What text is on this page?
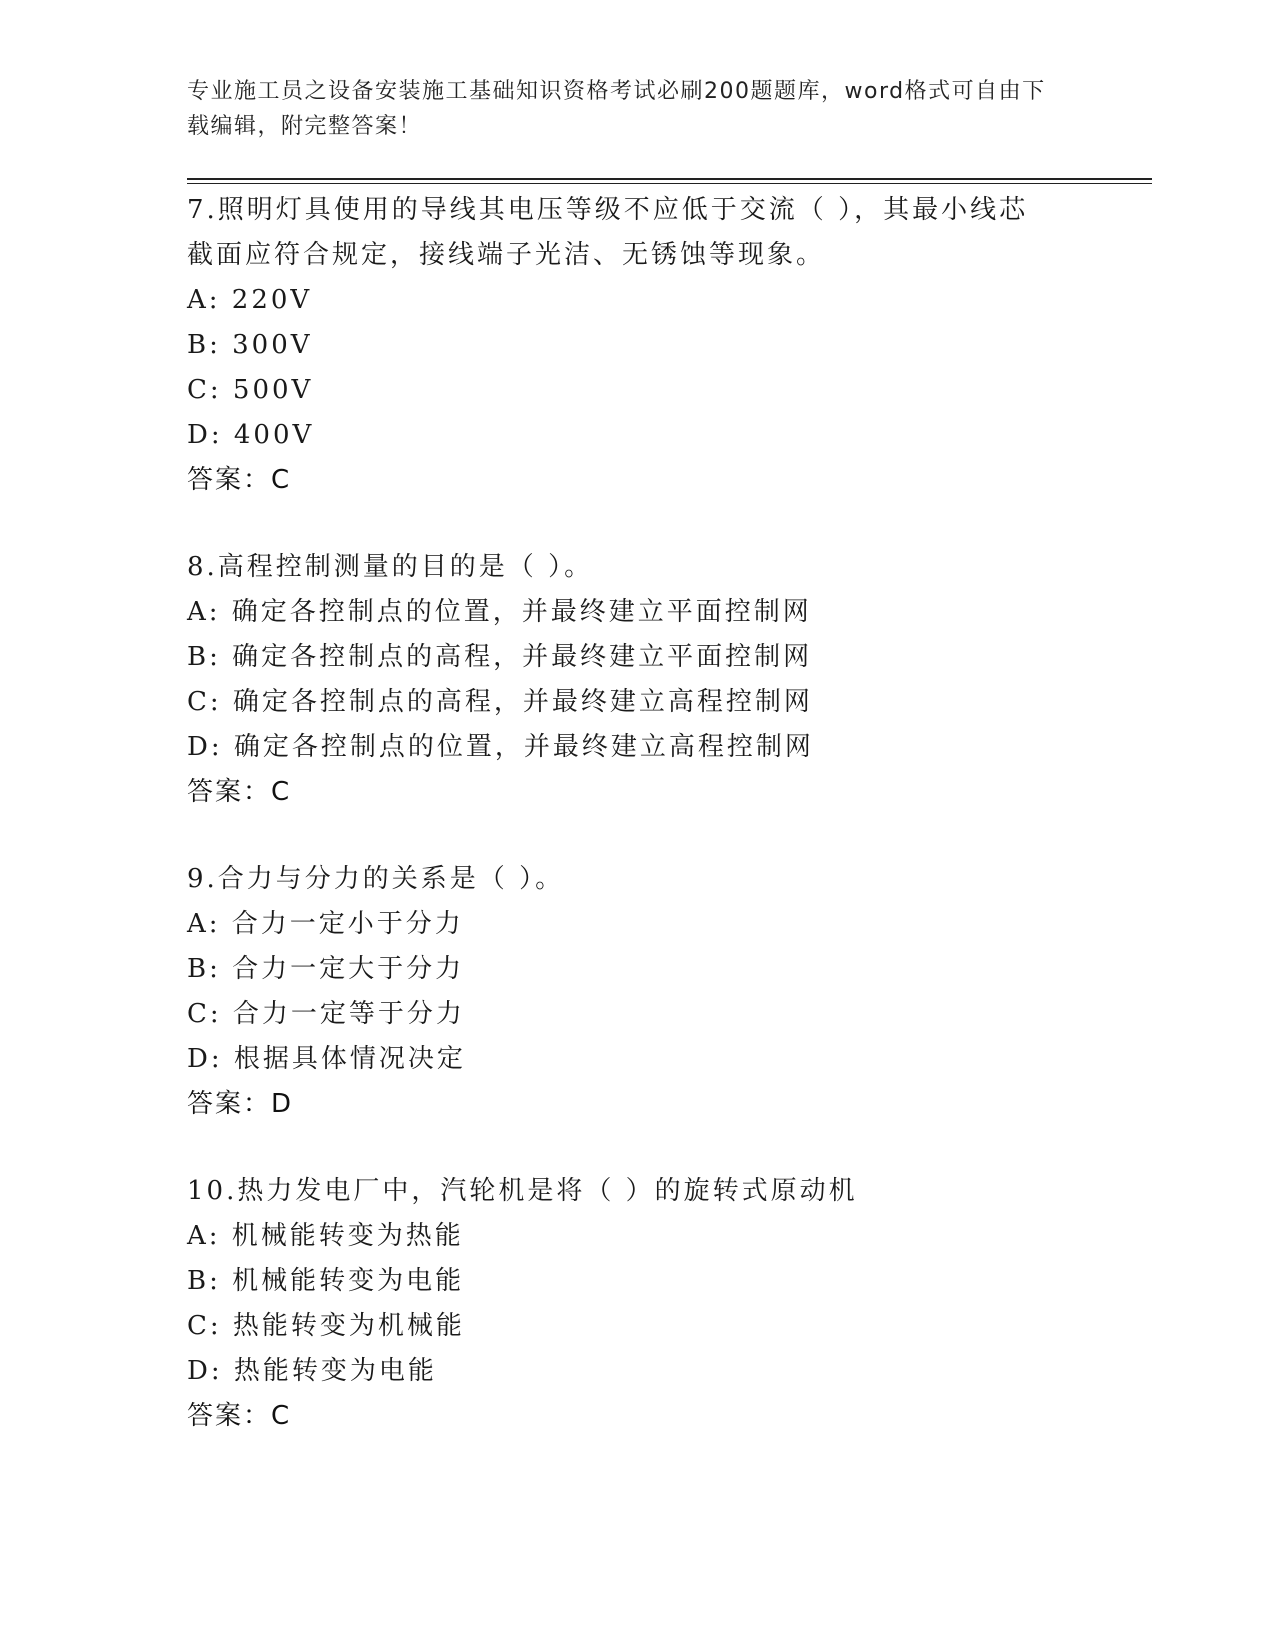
专业施工员之设备安装施工基础知识资格考试必刷200题题库，word格式可自由下载编辑，附完整答案！
7.照明灯具使用的导线其电压等级不应低于交流（ ），其最小线芯截面应符合规定，接线端子光洁、无锈蚀等现象。
A: 220V
B: 300V
C: 500V
D: 400V
答案：C
8.高程控制测量的目的是（ ）。
A: 确定各控制点的位置，并最终建立平面控制网
B: 确定各控制点的高程，并最终建立平面控制网
C: 确定各控制点的高程，并最终建立高程控制网
D: 确定各控制点的位置，并最终建立高程控制网
答案：C
9.合力与分力的关系是（ ）。
A: 合力一定小于分力
B: 合力一定大于分力
C: 合力一定等于分力
D: 根据具体情况决定
答案：D
10.热力发电厂中，汽轮机是将（ ）的旋转式原动机
A: 机械能转变为热能
B: 机械能转变为电能
C: 热能转变为机械能
D: 热能转变为电能
答案：C
